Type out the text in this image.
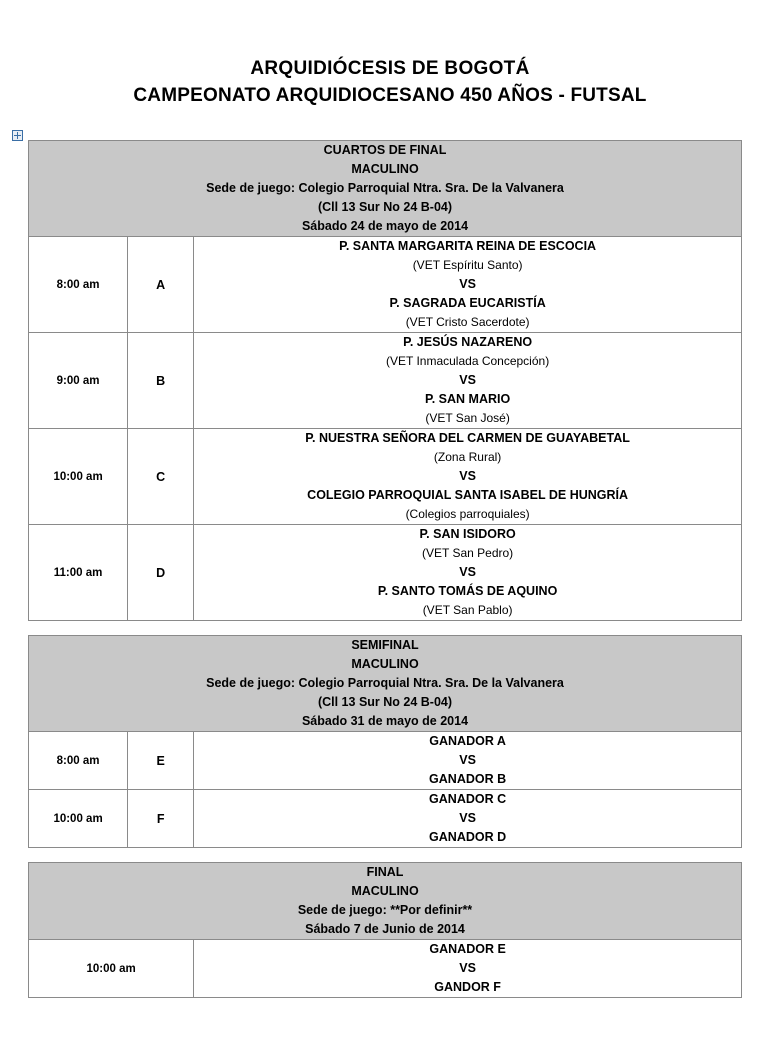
ARQUIDIÓCESIS DE BOGOTÁ
CAMPEONATO ARQUIDIOCESANO 450 AÑOS - FUTSAL
CUARTOS DE FINAL
MACULINO
Sede de juego: Colegio Parroquial Ntra. Sra. De la Valvanera
(Cll 13 Sur No 24 B-04)
Sábado 24 de mayo de 2014		

8:00 am	A	P. SANTA MARGARITA REINA DE ESCOCIA
(VET Espíritu Santo)
VS
P. SAGRADA EUCARISTÍA
(VET Cristo Sacerdote)

9:00 am	B	P. JESÚS NAZARENO
(VET Inmaculada Concepción)
VS
P. SAN MARIO
(VET San José)

10:00 am	C	P. NUESTRA SEÑORA DEL CARMEN DE GUAYABETAL
(Zona Rural)
VS
COLEGIO PARROQUIAL SANTA ISABEL DE HUNGRÍA
(Colegios parroquiales)

11:00 am	D	P. SAN ISIDORO
(VET San Pedro)
VS
P. SANTO TOMÁS DE AQUINO
(VET San Pablo)
SEMIFINAL
MACULINO
Sede de juego: Colegio Parroquial Ntra. Sra. De la Valvanera
(Cll 13 Sur No 24 B-04)
Sábado 31 de mayo de 2014		

8:00 am	E	GANADOR A
VS
GANADOR B

10:00 am	F	GANADOR C
VS
GANADOR D
FINAL
MACULINO
Sede de juego: **Por definir**
Sábado 7 de Junio de 2014

10:00 am	
GANADOR E
VS
GANDOR F
